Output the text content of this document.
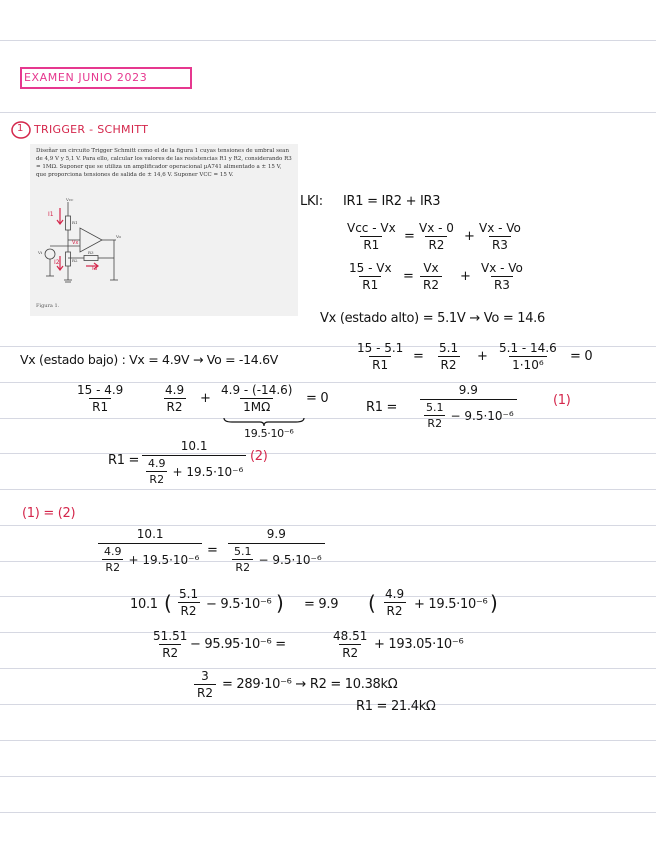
EXAMEN JUNIO 2023
1 TRIGGER - SCHMITT
Diseñar un circuito Trigger Schmitt como el de la figura 1 cuyas tensiones de umbral sean de 4,9 V y 5,1 V. Para ello, calcular los valores de las resistencias R1 y R2, considerando R3 = 1MΩ. Suponer que se utiliza un amplificador operacional µA741 alimentado a ± 15 V, que proporciona tensiones de salida de ± 14,6 V. Suponer VCC = 15 V.
Vcc
R1
R2
R3
Vo
Vi
I1
I2
I3
Vx
Figura 1.
LKI: IR1 = IR2 + IR3
Vcc - Vx
R1
= $\frac{Vx - 0}{R2} + \frac{Vx - Vo}{R3}$
$\frac{15 - Vx}{R1} = \frac{Vx}{R2} + \frac{Vx - Vo}{R3}$
Vx (estado alto) = 5.1V → Vo = 14.6
$\frac{15 - 5.1}{R1} = \frac{5.1}{R2} + \frac{5.1 - 14.6}{\text{1·10⁶}} = 0$
$R1 = \frac{9.9}{\frac{5.1}{R2} - 9.5\cdot 10^{-6}}$	(1)
Vx (estado bajo) : Vx = 4.9V → Vo = -14.6V
$\frac{15 - 4.9}{R1}$	$\frac{4.9}{R2} + \frac{4.9 - (-14.6)}{1M\Omega} = 0$
19.5·10⁻⁶
$R1 = \frac{10.1}{\frac{4.9}{R2} + 19.5\cdot 10^{-6}} (2)$
(1) = (2)
$\frac{10.1}{\frac{4.9}{R2} + 19.5\cdot 10^{-6}} = \frac{9.9}{\frac{5.1}{R2} - 9.5\cdot 10^{-6}}$
10.1 ( $\frac{5.1}{R2} - 9.5\cdot 10^{-6}$ ) = 9.9 ( $\frac{4.9}{R2} + 19.5\cdot 10^{-6}$ )
$\frac{51.51}{R2} - 95.95\cdot 10^{-6}$ =	$\frac{48.51}{R2} + 193.05\cdot 10^{-6}$
$\frac{3}{R2} = 289\cdot 10^{-6} \to R2 = 10.38k\Omega$
R1 = 21.4kΩ
